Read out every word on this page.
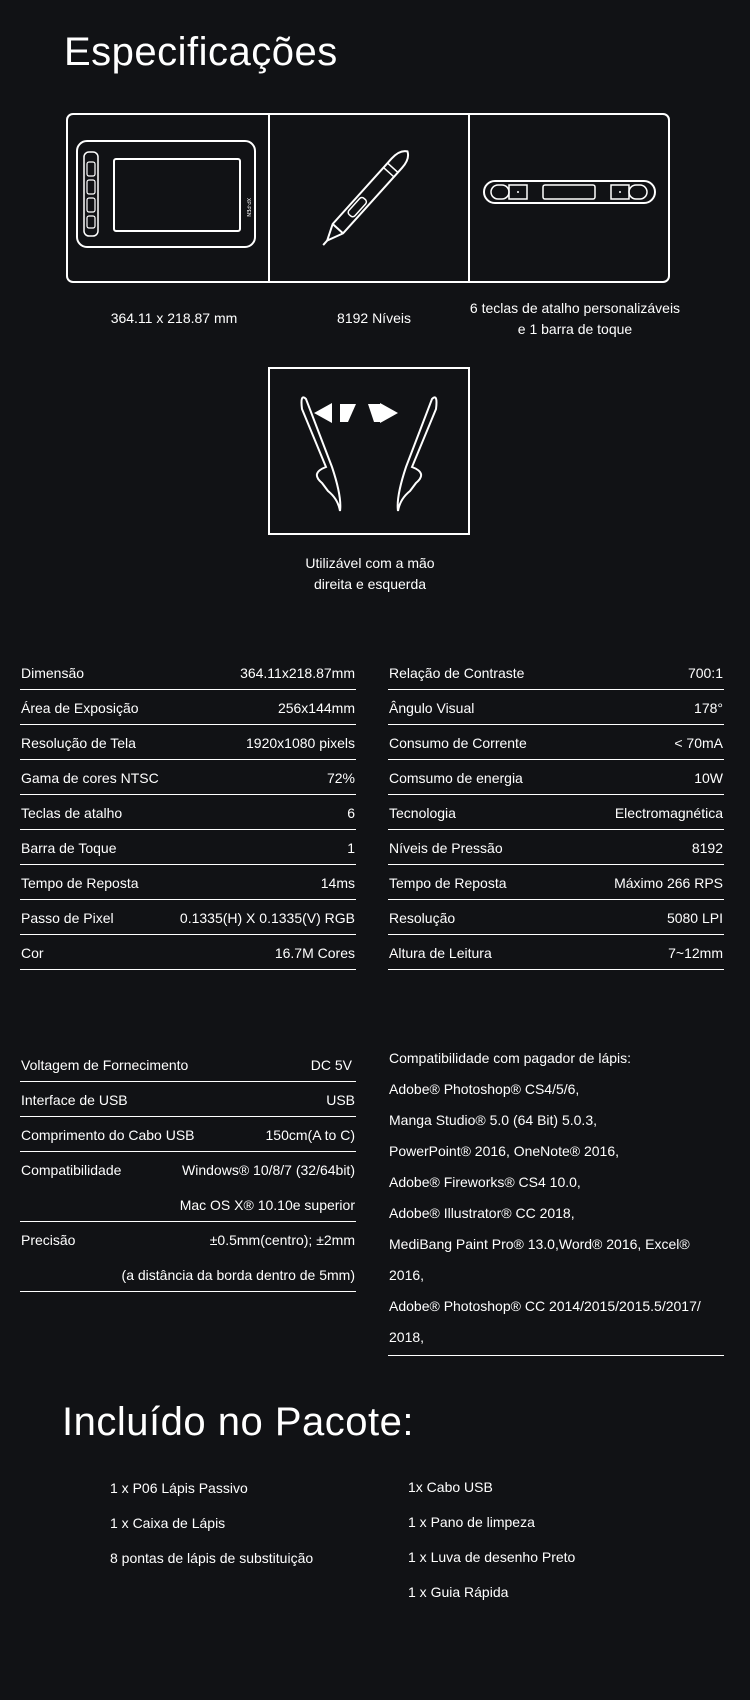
Especificações
XP-PEN
364.11 x 218.87 mm	8192 Níveis
6 teclas de atalho personalizáveis
e 1 barra de toque
Utilizável com a mão
direita e esquerda
Dimensão	364.11x218.87mm
Área de Exposição	256x144mm
Resolução de Tela	1920x1080 pixels
Gama de cores NTSC	72%
Teclas de atalho	6
Barra de Toque	1
Tempo de Reposta	14ms
Passo de Pixel	0.1335(H) X 0.1335(V) RGB
Cor	16.7M Cores
Relação de Contraste	700:1
Ângulo Visual	178°
Consumo de Corrente	< 70mA
Comsumo de energia	10W
Tecnologia	Electromagnética
Níveis de Pressão	8192
Tempo de Reposta	Máximo 266 RPS
Resolução	5080 LPI
Altura de Leitura	7~12mm
Voltagem de Fornecimento	DC 5V
Interface de USB	USB
Comprimento do Cabo USB	150cm(A to C)
Compatibilidade	Windows® 10/8/7 (32/64bit)
Mac OS X® 10.10e superior
Precisão	±0.5mm(centro); ±2mm
(a distância da borda dentro de 5mm)
Compatibilidade com pagador de lápis:
Adobe® Photoshop® CS4/5/6,
Manga Studio® 5.0 (64 Bit) 5.0.3,
PowerPoint® 2016, OneNote® 2016,
Adobe® Fireworks® CS4 10.0,
Adobe® Illustrator® CC 2018,
MediBang Paint Pro® 13.0,Word® 2016, Excel®
2016,
Adobe® Photoshop® CC 2014/2015/2015.5/2017/
2018,
Incluído no Pacote:
1 x P06 Lápis Passivo
1 x Caixa de Lápis
8 pontas de lápis de substituição
1x Cabo USB
1 x Pano de limpeza
1 x Luva de desenho Preto
1 x Guia Rápida
